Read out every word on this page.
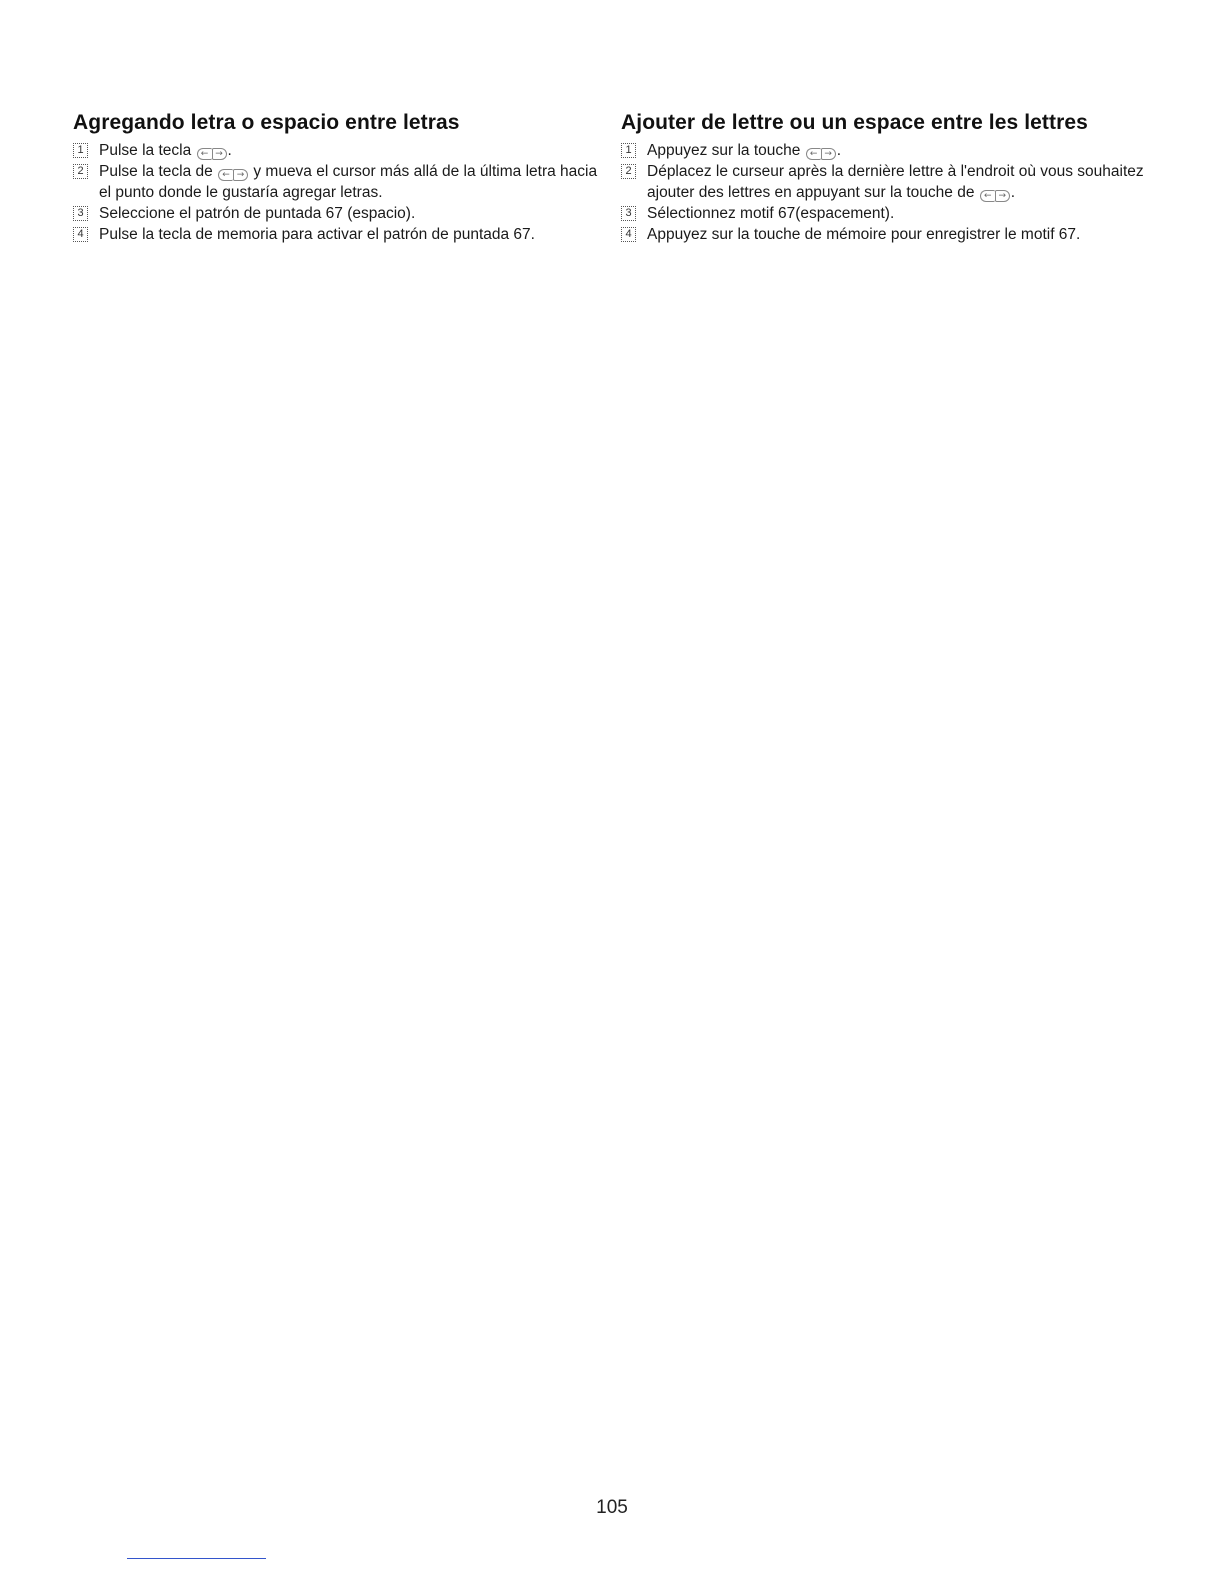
Agregando letra o espacio entre letras
1 Pulse la tecla ← → .
2 Pulse la tecla de ← → y mueva el cursor más allá de la última letra hacia el punto donde le gustaría agregar letras.
3 Seleccione el patrón de puntada 67 (espacio).
4 Pulse la tecla de memoria para activar el patrón de puntada 67.
Ajouter de lettre ou un espace entre les lettres
1 Appuyez sur la touche ← → .
2 Déplacez le curseur après la dernière lettre à l'endroit où vous souhaitez ajouter des lettres en appuyant sur la touche de ← → .
3 Sélectionnez motif 67(espacement).
4 Appuyez sur la touche de mémoire pour enregistrer le motif 67.
105
